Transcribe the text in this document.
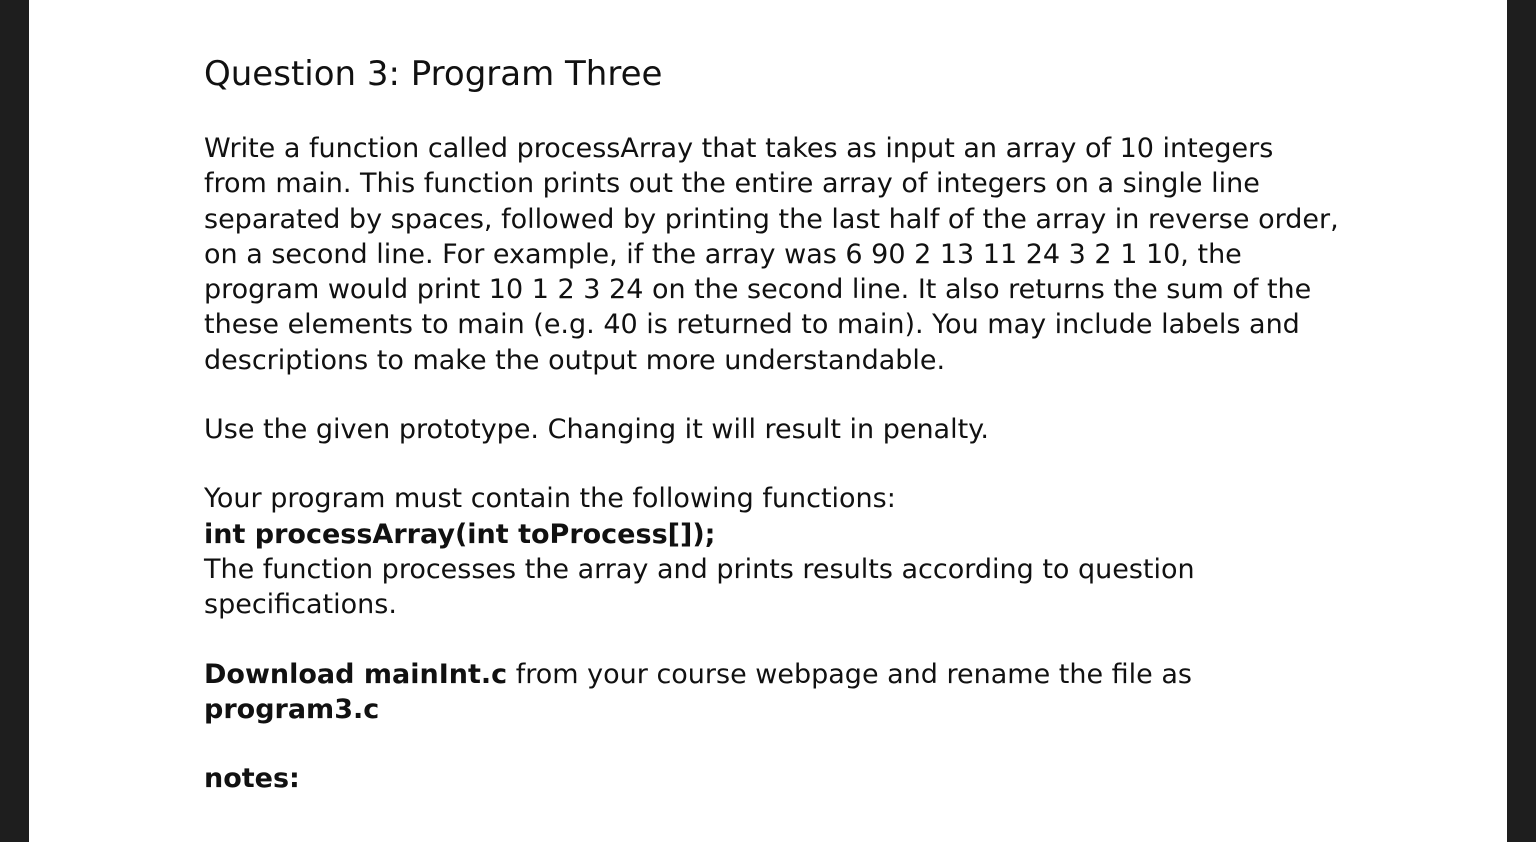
Question 3: Program Three

Write a function called processArray that takes as input an array of 10 integers from main. This function prints out the entire array of integers on a single line separated by spaces, followed by printing the last half of the array in reverse order, on a second line. For example, if the array was 6 90 2 13 11 24 3 2 1 10, the program would print 10 1 2 3 24 on the second line. It also returns the sum of the these elements to main (e.g. 40 is returned to main). You may include labels and descriptions to make the output more understandable.

Use the given prototype. Changing it will result in penalty.

Your program must contain the following functions:
int processArray(int toProcess[]);
The function processes the array and prints results according to question specifications.

Download mainInt.c from your course webpage and rename the file as
program3.c

notes:
